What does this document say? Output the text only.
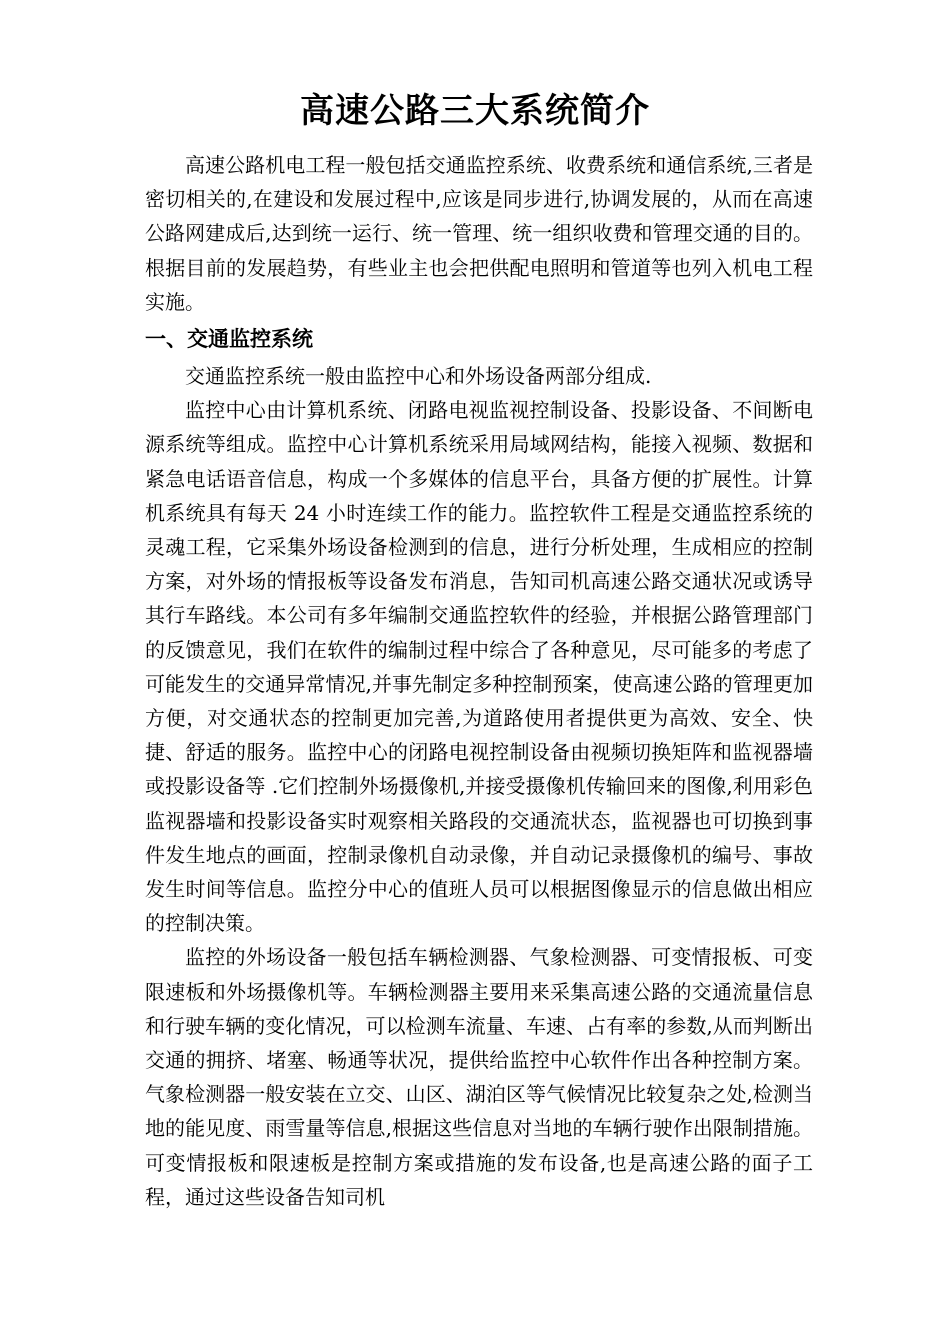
高速公路三大系统简介

高速公路机电工程一般包括交通监控系统、收费系统和通信系统,三者是密切相关的,在建设和发展过程中,应该是同步进行,协调发展的，从而在高速公路网建成后,达到统一运行、统一管理、统一组织收费和管理交通的目的。根据目前的发展趋势，有些业主也会把供配电照明和管道等也列入机电工程实施。

一、交通监控系统

交通监控系统一般由监控中心和外场设备两部分组成.

监控中心由计算机系统、闭路电视监视控制设备、投影设备、不间断电源系统等组成。监控中心计算机系统采用局域网结构，能接入视频、数据和紧急电话语音信息，构成一个多媒体的信息平台，具备方便的扩展性。计算机系统具有每天 24 小时连续工作的能力。监控软件工程是交通监控系统的灵魂工程，它采集外场设备检测到的信息，进行分析处理，生成相应的控制方案，对外场的情报板等设备发布消息，告知司机高速公路交通状况或诱导其行车路线。本公司有多年编制交通监控软件的经验，并根据公路管理部门的反馈意见，我们在软件的编制过程中综合了各种意见，尽可能多的考虑了可能发生的交通异常情况,并事先制定多种控制预案，使高速公路的管理更加方便，对交通状态的控制更加完善,为道路使用者提供更为高效、安全、快捷、舒适的服务。监控中心的闭路电视控制设备由视频切换矩阵和监视器墙或投影设备等 .它们控制外场摄像机,并接受摄像机传输回来的图像,利用彩色监视器墙和投影设备实时观察相关路段的交通流状态，监视器也可切换到事件发生地点的画面，控制录像机自动录像，并自动记录摄像机的编号、事故发生时间等信息。监控分中心的值班人员可以根据图像显示的信息做出相应的控制决策。

监控的外场设备一般包括车辆检测器、气象检测器、可变情报板、可变限速板和外场摄像机等。车辆检测器主要用来采集高速公路的交通流量信息和行驶车辆的变化情况，可以检测车流量、车速、占有率的参数,从而判断出交通的拥挤、堵塞、畅通等状况，提供给监控中心软件作出各种控制方案。气象检测器一般安装在立交、山区、湖泊区等气候情况比较复杂之处,检测当地的能见度、雨雪量等信息,根据这些信息对当地的车辆行驶作出限制措施。可变情报板和限速板是控制方案或措施的发布设备,也是高速公路的面子工程，通过这些设备告知司机
